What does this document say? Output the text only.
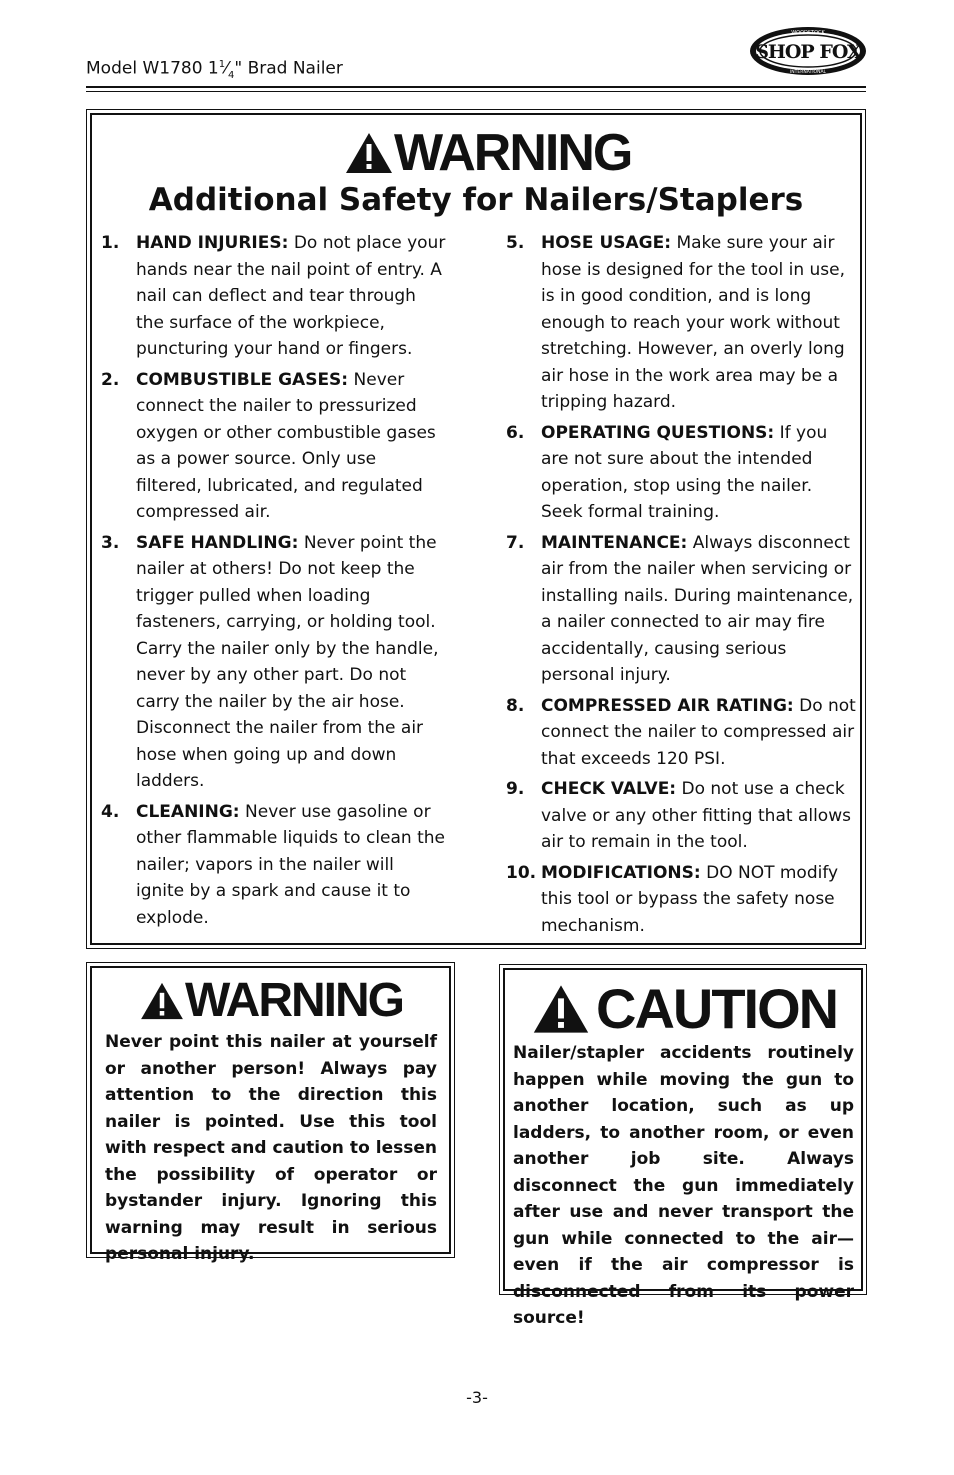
Model W1780 $1^1⁄_4$" Brad Nailer
WOODSTOCK
SHOP FOX
INTERNATIONAL
WARNING
Additional Safety for Nailers/Staplers
1. HAND INJURIES: Do not place your hands near the nail point of entry. A nail can deflect and tear through the surface of the workpiece, puncturing your hand or fingers.
2. COMBUSTIBLE GASES: Never connect the nailer to pressurized oxygen or other combustible gases as a power source. Only use filtered, lubricated, and regulated compressed air.
3. SAFE HANDLING: Never point the nailer at others! Do not keep the trigger pulled when loading fasteners, carrying, or holding tool. Carry the nailer only by the handle, never by any other part. Do not carry the nailer by the air hose. Disconnect the nailer from the air hose when going up and down ladders.
4. CLEANING: Never use gasoline or other flammable liquids to clean the nailer; vapors in the nailer will ignite by a spark and cause it to explode.
5. HOSE USAGE: Make sure your air hose is designed for the tool in use, is in good condition, and is long enough to reach your work without stretching. However, an overly long air hose in the work area may be a tripping hazard.
6. OPERATING QUESTIONS: If you are not sure about the intended operation, stop using the nailer. Seek formal training.
7. MAINTENANCE: Always disconnect air from the nailer when servicing or installing nails. During maintenance, a nailer connected to air may fire accidentally, causing serious personal injury.
8. COMPRESSED AIR RATING: Do not connect the nailer to compressed air that exceeds 120 PSI.
9. CHECK VALVE: Do not use a check valve or any other fitting that allows air to remain in the tool.
10. MODIFICATIONS: DO NOT modify this tool or bypass the safety nose mechanism.
WARNING

Never point this nailer at yourself or another person! Always pay attention to the direction this nailer is pointed. Use this tool with respect and caution to lessen the possibility of operator or bystander injury. Ignoring this warning may result in serious personal injury.

CAUTION

Nailer/stapler accidents routinely happen while moving the gun to another location, such as up ladders, to another room, or even another job site. Always disconnect the gun immediately after use and never transport the gun while connected to the air—even if the air compressor is disconnected from its power source!

-3-
